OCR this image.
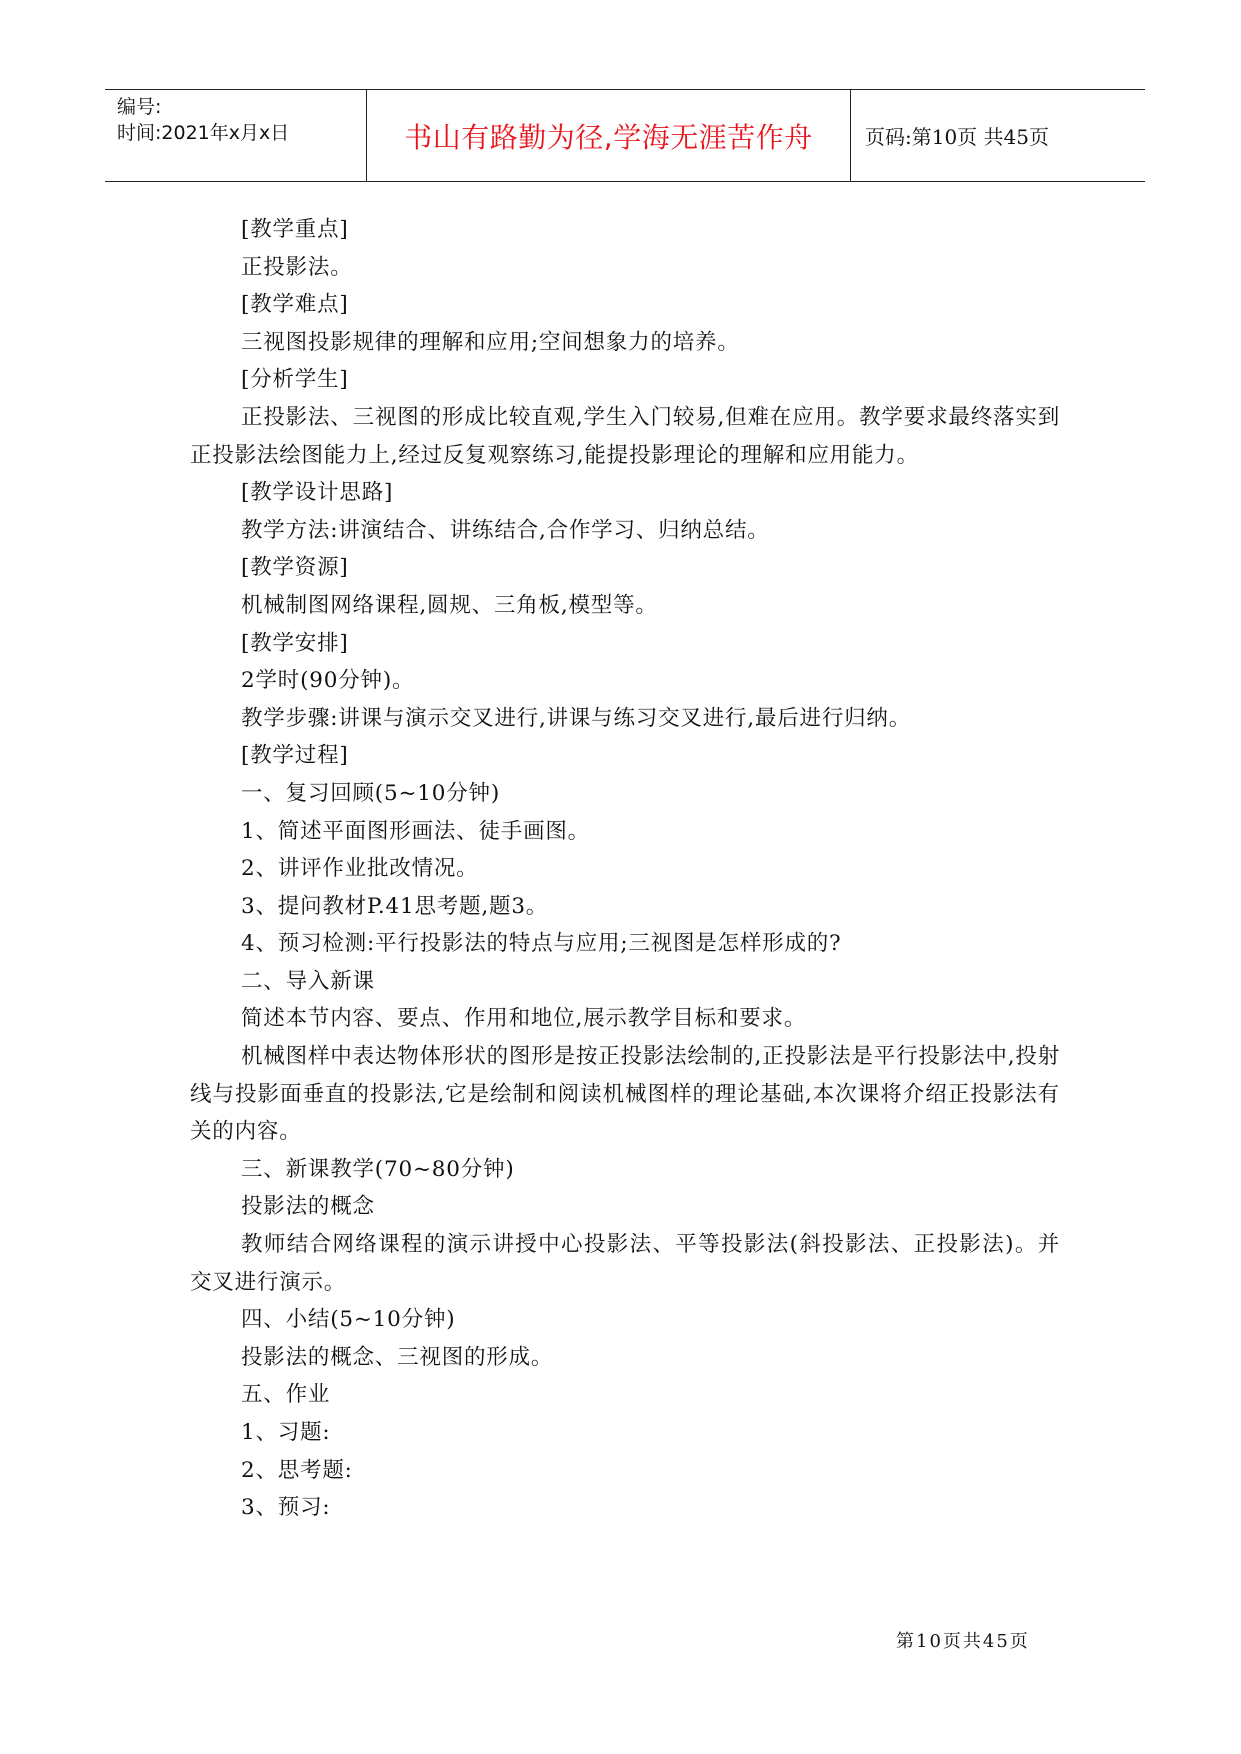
编号:
时间:2021年x月x日	书山有路勤为径,学海无涯苦作舟	页码:第10页 共45页

[教学重点]

正投影法。

[教学难点]

三视图投影规律的理解和应用;空间想象力的培养。

[分析学生]

正投影法、三视图的形成比较直观,学生入门较易,但难在应用。教学要求最终落实到正投影法绘图能力上,经过反复观察练习,能提投影理论的理解和应用能力。

[教学设计思路]

教学方法:讲演结合、讲练结合,合作学习、归纳总结。

[教学资源]

机械制图网络课程,圆规、三角板,模型等。

[教学安排]

2学时(90分钟)。

教学步骤:讲课与演示交叉进行,讲课与练习交叉进行,最后进行归纳。

[教学过程]

一、复习回顾(5~10分钟)

1、简述平面图形画法、徒手画图。

2、讲评作业批改情况。

3、提问教材P.41思考题,题3。

4、预习检测:平行投影法的特点与应用;三视图是怎样形成的?

二、导入新课

简述本节内容、要点、作用和地位,展示教学目标和要求。

机械图样中表达物体形状的图形是按正投影法绘制的,正投影法是平行投影法中,投射线与投影面垂直的投影法,它是绘制和阅读机械图样的理论基础,本次课将介绍正投影法有关的内容。

三、新课教学(70~80分钟)

投影法的概念

教师结合网络课程的演示讲授中心投影法、平等投影法(斜投影法、正投影法)。并交叉进行演示。

四、小结(5~10分钟)

投影法的概念、三视图的形成。

五、作业

1、习题:

2、思考题:

3、预习:

第10页共45页
